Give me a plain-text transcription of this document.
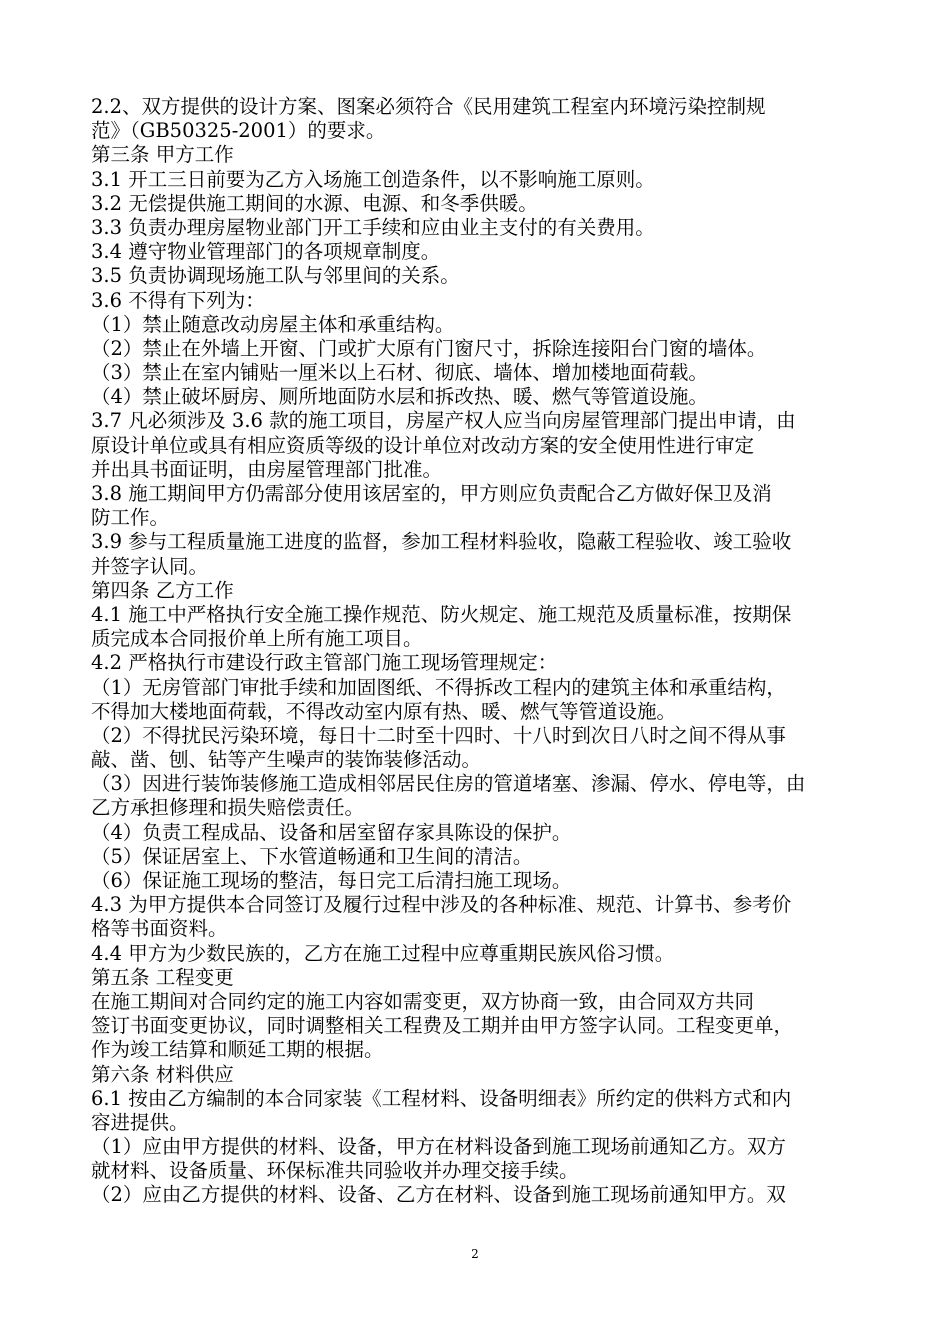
2.2、双方提供的设计方案、图案必须符合《民用建筑工程室内环境污染控制规
范》（GB50325-2001）的要求。
第三条 甲方工作
3.1 开工三日前要为乙方入场施工创造条件，以不影响施工原则。
3.2 无偿提供施工期间的水源、电源、和冬季供暖。
3.3 负责办理房屋物业部门开工手续和应由业主支付的有关费用。
3.4 遵守物业管理部门的各项规章制度。
3.5 负责协调现场施工队与邻里间的关系。
3.6 不得有下列为：
（1）禁止随意改动房屋主体和承重结构。
（2）禁止在外墙上开窗、门或扩大原有门窗尺寸，拆除连接阳台门窗的墙体。
（3）禁止在室内铺贴一厘米以上石材、彻底、墙体、增加楼地面荷载。
（4）禁止破坏厨房、厕所地面防水层和拆改热、暖、燃气等管道设施。
3.7 凡必须涉及 3.6 款的施工项目，房屋产权人应当向房屋管理部门提出申请，由
原设计单位或具有相应资质等级的设计单位对改动方案的安全使用性进行审定
并出具书面证明，由房屋管理部门批准。
3.8 施工期间甲方仍需部分使用该居室的，甲方则应负责配合乙方做好保卫及消
防工作。
3.9 参与工程质量施工进度的监督，参加工程材料验收，隐蔽工程验收、竣工验收
并签字认同。
第四条 乙方工作
4.1 施工中严格执行安全施工操作规范、防火规定、施工规范及质量标准，按期保
质完成本合同报价单上所有施工项目。
4.2 严格执行市建设行政主管部门施工现场管理规定：
（1）无房管部门审批手续和加固图纸、不得拆改工程内的建筑主体和承重结构，
不得加大楼地面荷载，不得改动室内原有热、暖、燃气等管道设施。
（2）不得扰民污染环境，每日十二时至十四时、十八时到次日八时之间不得从事
敲、凿、刨、钻等产生噪声的装饰装修活动。
（3）因进行装饰装修施工造成相邻居民住房的管道堵塞、渗漏、停水、停电等，由
乙方承担修理和损失赔偿责任。
（4）负责工程成品、设备和居室留存家具陈设的保护。
（5）保证居室上、下水管道畅通和卫生间的清洁。
（6）保证施工现场的整洁，每日完工后清扫施工现场。
4.3 为甲方提供本合同签订及履行过程中涉及的各种标准、规范、计算书、参考价
格等书面资料。
4.4 甲方为少数民族的，乙方在施工过程中应尊重期民族风俗习惯。
第五条 工程变更
在施工期间对合同约定的施工内容如需变更，双方协商一致，由合同双方共同
签订书面变更协议，同时调整相关工程费及工期并由甲方签字认同。工程变更单，
作为竣工结算和顺延工期的根据。
第六条 材料供应
6.1 按由乙方编制的本合同家装《工程材料、设备明细表》所约定的供料方式和内
容进提供。
（1）应由甲方提供的材料、设备，甲方在材料设备到施工现场前通知乙方。双方
就材料、设备质量、环保标准共同验收并办理交接手续。
（2）应由乙方提供的材料、设备、乙方在材料、设备到施工现场前通知甲方。双
2
